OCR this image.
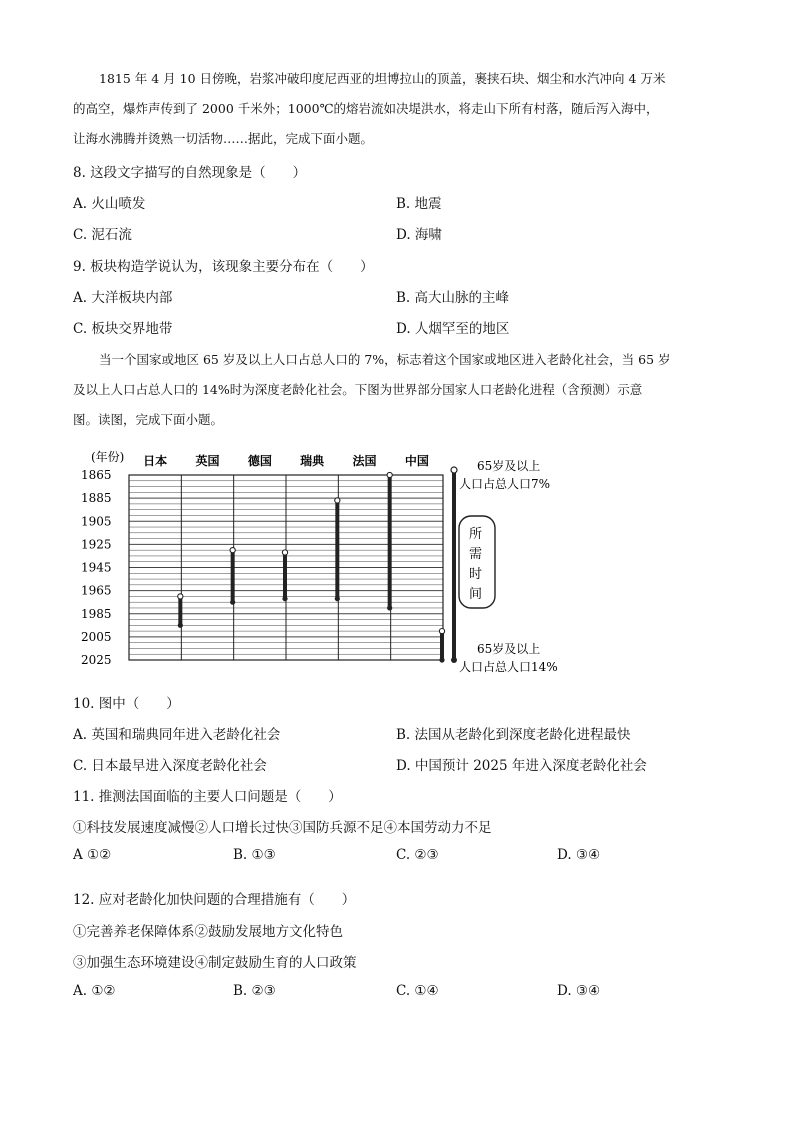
1815 年 4 月 10 日傍晚，岩浆冲破印度尼西亚的坦博拉山的顶盖，裹挟石块、烟尘和水汽冲向 4 万米
的高空，爆炸声传到了 2000 千米外；1000℃的熔岩流如决堤洪水，将走山下所有村落，随后泻入海中，
让海水沸腾并烫熟一切活物……据此，完成下面小题。
8. 这段文字描写的自然现象是（　　）
A. 火山喷发	B. 地震
C. 泥石流	D. 海啸
9. 板块构造学说认为，该现象主要分布在（　　）
A. 大洋板块内部	B. 高大山脉的主峰
C. 板块交界地带	D. 人烟罕至的地区
当一个国家或地区 65 岁及以上人口占总人口的 7%，标志着这个国家或地区进入老龄化社会，当 65 岁
及以上人口占总人口的 14%时为深度老龄化社会。下图为世界部分国家人口老龄化进程（含预测）示意
图。读图，完成下面小题。
1865
1885
1905
1925
1945
1965
1985
2005
2025
日本 英国 德国 瑞典 法国 中国
(年份)
65岁及以上
人口占总人口7%
65岁及以上
人口占总人口14%
所
需
时
间
10. 图中（　　）
A. 英国和瑞典同年进入老龄化社会	B. 法国从老龄化到深度老龄化进程最快
C. 日本最早进入深度老龄化社会	D. 中国预计 2025 年进入深度老龄化社会
11. 推测法国面临的主要人口问题是（　　）
①科技发展速度减慢②人口增长过快③国防兵源不足④本国劳动力不足
A ①②	B. ①③	C. ②③	D. ③④
12. 应对老龄化加快问题的合理措施有（　　）
①完善养老保障体系②鼓励发展地方文化特色
③加强生态环境建设④制定鼓励生育的人口政策
A. ①②	B. ②③	C. ①④	D. ③④
